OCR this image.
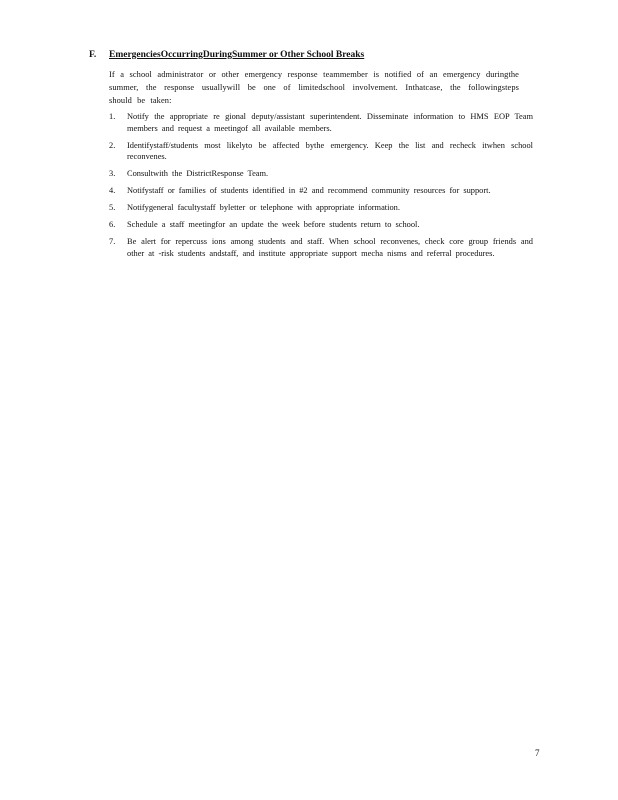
F. EmergenciesOccurringDuringSummer or Other School Breaks
If a school administrator or other emergency response teammember is notified of an emergency duringthe summer, the response usuallywill be one of limitedschool involvement. Inthatcase, the followingsteps should be taken:
1. Notify the appropriate re gional deputy/assistant superintendent. Disseminate information to HMS EOP Team members and request a meetingof all available members.
2. Identifystaff/students most likelyto be affected bythe emergency. Keep the list and recheck itwhen school reconvenes.
3. Consultwith the DistrictResponse Team.
4. Notifystaff or families of students identified in #2 and recommend community resources for support.
5. Notifygeneral facultystaff byletter or telephone with appropriate information.
6. Schedule a staff meetingfor an update the week before students return to school.
7. Be alert for repercuss ions among students and staff. When school reconvenes, check core group friends and other at -risk students andstaff, and institute appropriate support mecha nisms and referral procedures.
7
